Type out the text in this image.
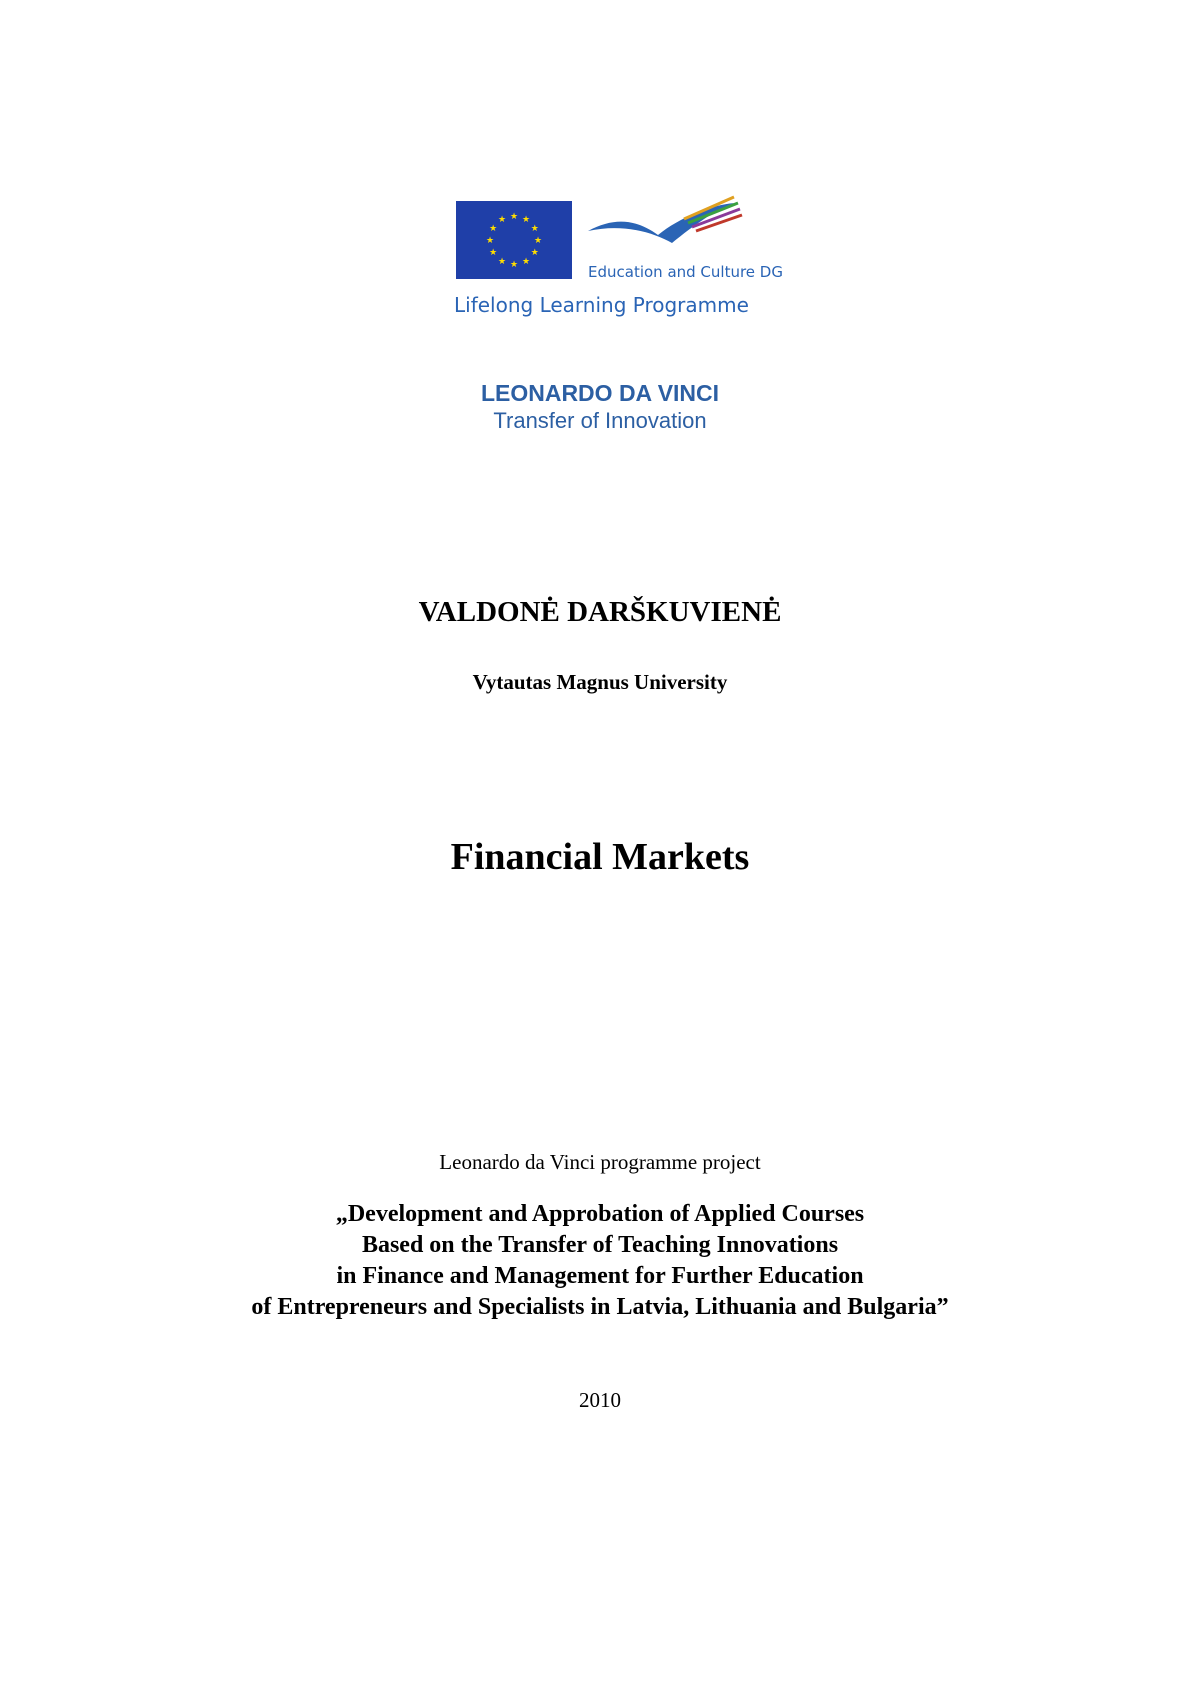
★ ★
★
★
★
★
★
★
★
★
★
★
Education and Culture DG
Lifelong Learning Programme
LEONARDO DA VINCI
Transfer of Innovation
VALDONĖ DARŠKUVIENĖ
Vytautas Magnus University
Financial Markets
Leonardo da Vinci programme project
„Development and Approbation of Applied Courses
Based on the Transfer of Teaching Innovations
in Finance and Management for Further Education
of Entrepreneurs and Specialists in Latvia, Lithuania and Bulgaria”
2010
